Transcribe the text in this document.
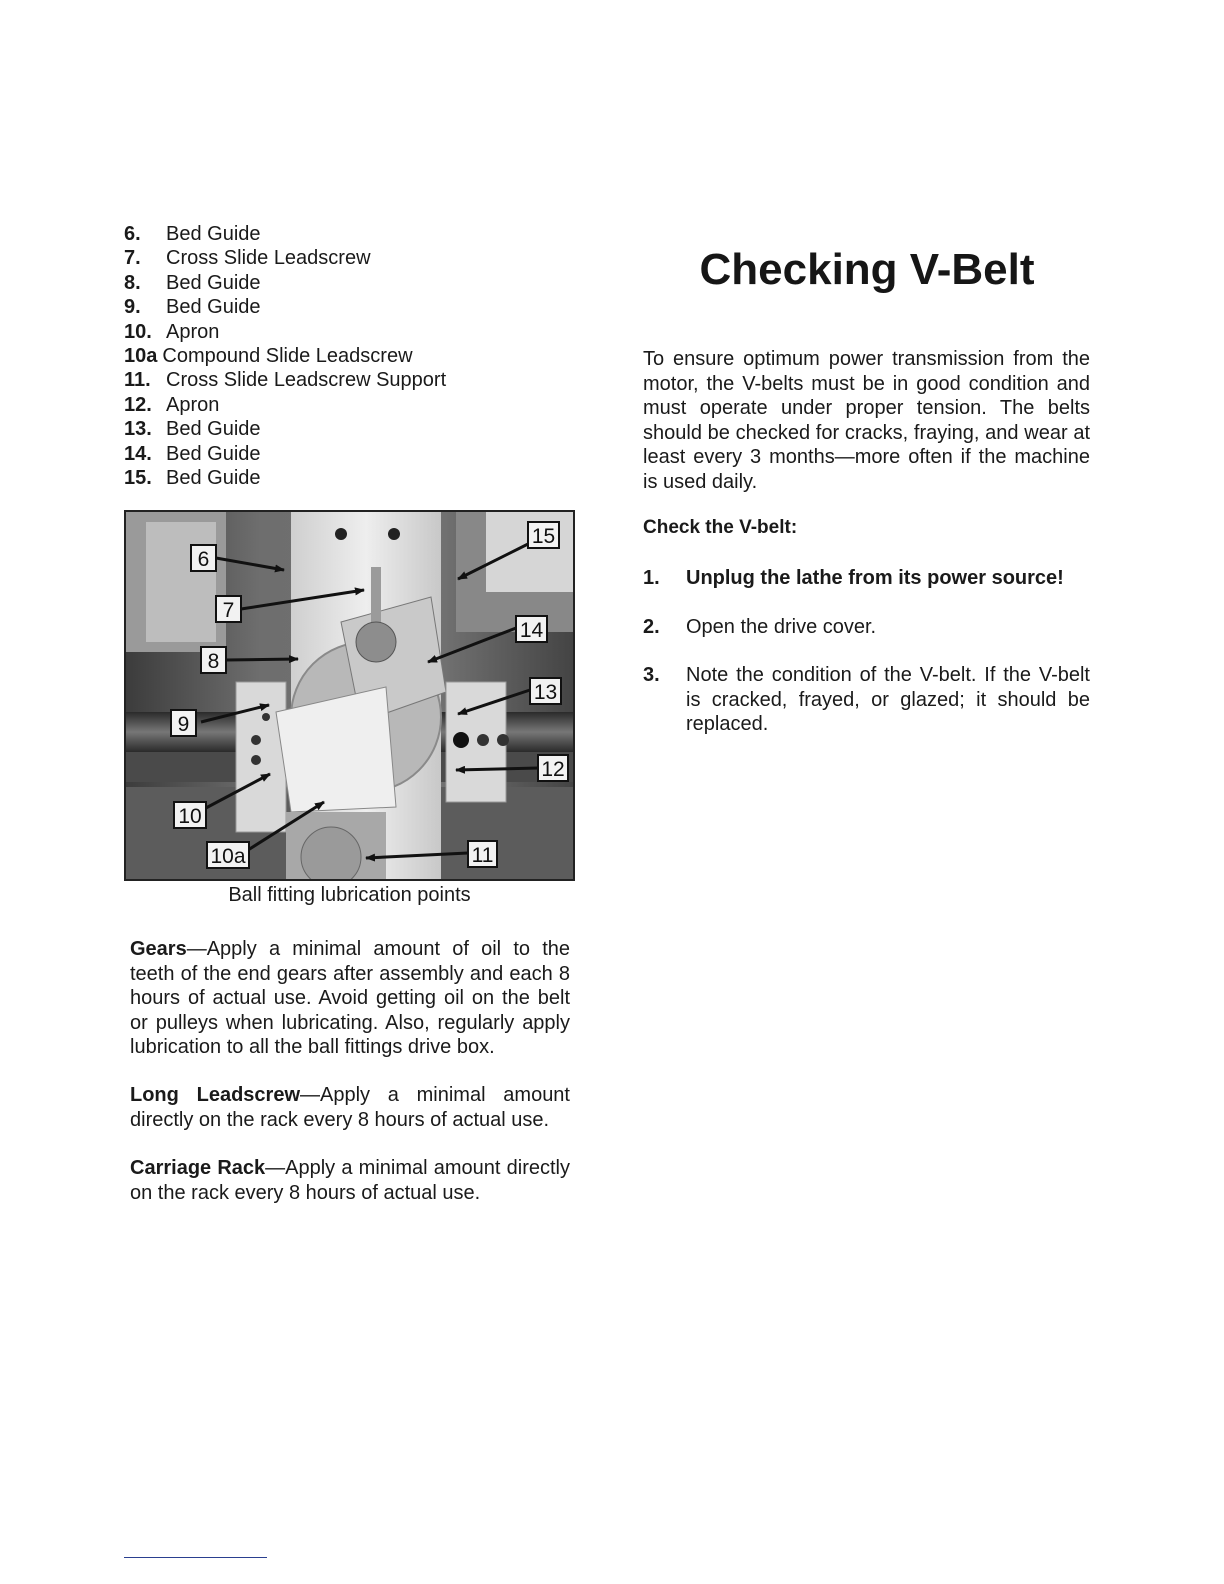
6. Bed Guide
7. Cross Slide Leadscrew
8. Bed Guide
9. Bed Guide
10. Apron
10a Compound Slide Leadscrew
11. Cross Slide Leadscrew Support
12. Apron
13. Bed Guide
14. Bed Guide
15. Bed Guide
6
7
8
9
10
10a	11
12
13
14
15
Ball fitting lubrication points

Gears—Apply a minimal amount of oil to the teeth of the end gears after assembly and each 8 hours of actual use. Avoid getting oil on the belt or pulleys when lubricating. Also, regularly apply lubrication to all the ball fittings drive box.

Long Leadscrew—Apply a minimal amount directly on the rack every 8 hours of actual use.

Carriage Rack—Apply a minimal amount directly on the rack every 8 hours of actual use.

Checking V-Belt

To ensure optimum power transmission from the motor, the V-belts must be in good condition and must operate under proper tension. The belts should be checked for cracks, fraying, and wear at least every 3 months—more often if the machine is used daily.

Check the V-belt:
1. Unplug the lathe from its power source!
2. Open the drive cover.
3. Note the condition of the V-belt. If the V-belt is cracked, frayed, or glazed; it should be replaced.
